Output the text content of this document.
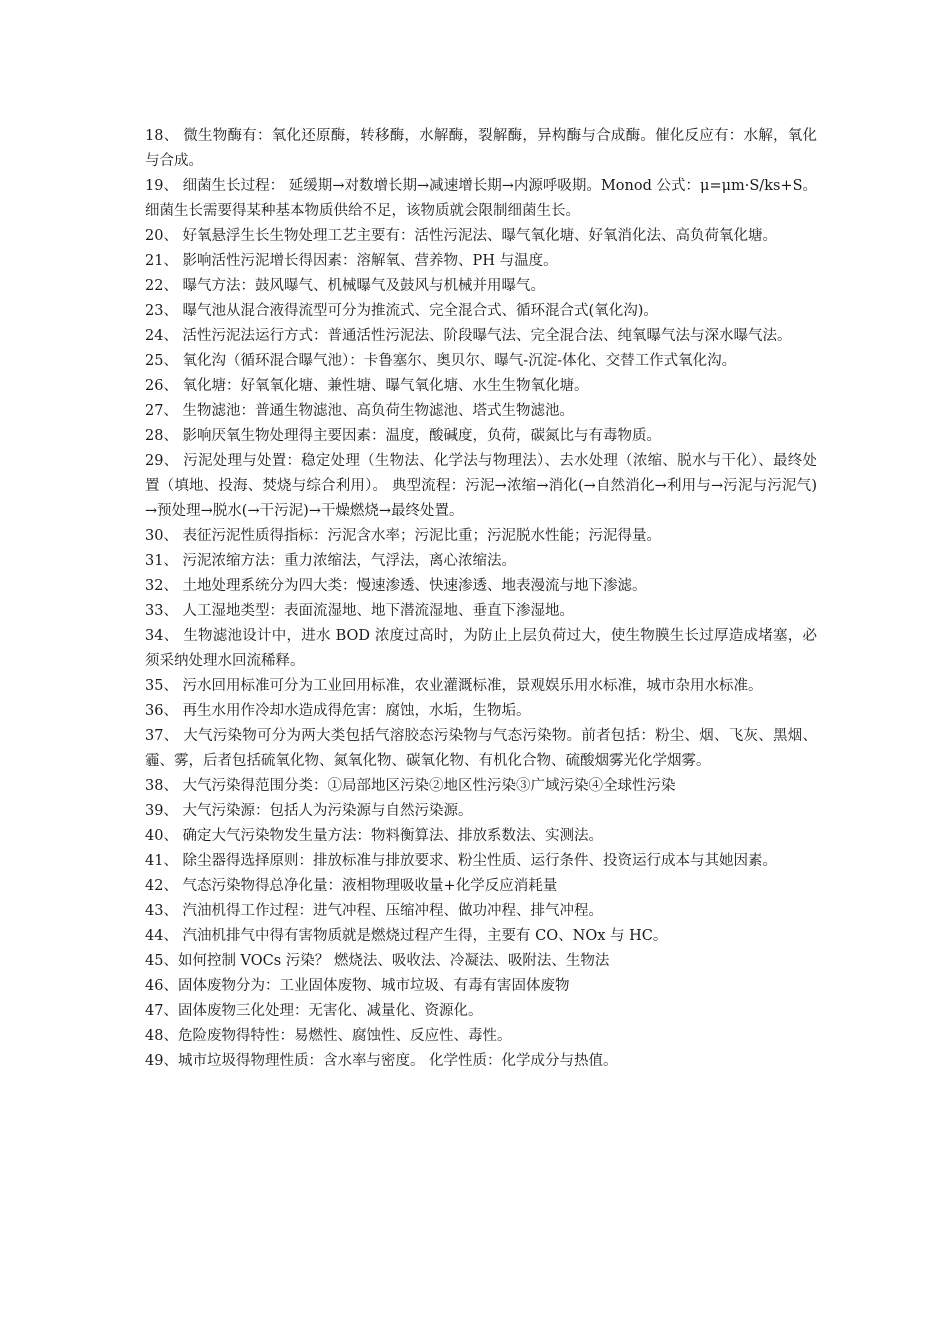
18、 微生物酶有：氧化还原酶，转移酶，水解酶，裂解酶，异构酶与合成酶。催化反应有：水解，氧化与合成。

19、 细菌生长过程： 延缓期→对数增长期→减速增长期→内源呼吸期。Monod 公式：μ=μm·S/ks+S。细菌生长需要得某种基本物质供给不足，该物质就会限制细菌生长。

20、 好氧悬浮生长生物处理工艺主要有：活性污泥法、曝气氧化塘、好氧消化法、高负荷氧化塘。

21、 影响活性污泥增长得因素：溶解氧、营养物、PH 与温度。

22、 曝气方法：鼓风曝气、机械曝气及鼓风与机械并用曝气。

23、 曝气池从混合液得流型可分为推流式、完全混合式、循环混合式(氧化沟)。

24、 活性污泥法运行方式：普通活性污泥法、阶段曝气法、完全混合法、纯氧曝气法与深水曝气法。

25、 氧化沟（循环混合曝气池）：卡鲁塞尔、奥贝尔、曝气-沉淀-体化、交替工作式氧化沟。

26、 氧化塘：好氧氧化塘、兼性塘、曝气氧化塘、水生生物氧化塘。

27、 生物滤池：普通生物滤池、高负荷生物滤池、塔式生物滤池。

28、 影响厌氧生物处理得主要因素：温度，酸碱度，负荷，碳氮比与有毒物质。

29、 污泥处理与处置：稳定处理（生物法、化学法与物理法）、去水处理（浓缩、脱水与干化）、最终处置（填地、投海、焚烧与综合利用）。 典型流程：污泥→浓缩→消化(→自然消化→利用与→污泥与污泥气)→预处理→脱水(→干污泥)→干燥燃烧→最终处置。

30、 表征污泥性质得指标：污泥含水率；污泥比重；污泥脱水性能；污泥得量。

31、 污泥浓缩方法：重力浓缩法，气浮法，离心浓缩法。

32、 土地处理系统分为四大类：慢速渗透、快速渗透、地表漫流与地下渗滤。

33、 人工湿地类型：表面流湿地、地下潜流湿地、垂直下渗湿地。

34、 生物滤池设计中，进水 BOD 浓度过高时，为防止上层负荷过大，使生物膜生长过厚造成堵塞，必须采纳处理水回流稀释。

35、 污水回用标准可分为工业回用标准，农业灌溉标准，景观娱乐用水标准，城市杂用水标准。

36、 再生水用作冷却水造成得危害：腐蚀，水垢，生物垢。

37、 大气污染物可分为两大类包括气溶胶态污染物与气态污染物。前者包括：粉尘、烟、飞灰、黑烟、霾、雾，后者包括硫氧化物、氮氧化物、碳氧化物、有机化合物、硫酸烟雾光化学烟雾。

38、 大气污染得范围分类：①局部地区污染②地区性污染③广域污染④全球性污染

39、 大气污染源：包括人为污染源与自然污染源。

40、 确定大气污染物发生量方法：物料衡算法、排放系数法、实测法。

41、 除尘器得选择原则：排放标准与排放要求、粉尘性质、运行条件、投资运行成本与其她因素。

42、 气态污染物得总净化量：液相物理吸收量+化学反应消耗量

43、 汽油机得工作过程：进气冲程、压缩冲程、做功冲程、排气冲程。

44、 汽油机排气中得有害物质就是燃烧过程产生得，主要有 CO、NOx 与 HC。

45、如何控制 VOCs 污染？ 燃烧法、吸收法、冷凝法、吸附法、生物法

46、固体废物分为：工业固体废物、城市垃圾、有毒有害固体废物

47、固体废物三化处理：无害化、减量化、资源化。

48、危险废物得特性：易燃性、腐蚀性、反应性、毒性。

49、城市垃圾得物理性质：含水率与密度。 化学性质：化学成分与热值。
